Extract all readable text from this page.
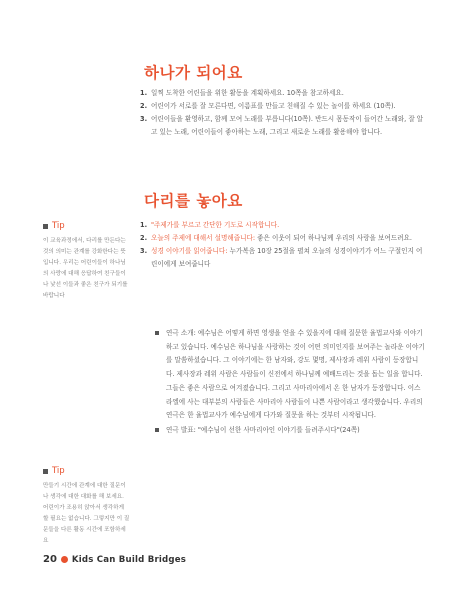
하나가 되어요
1. 일찍 도착한 어린들을 위한 활동을 계획하세요. 10쪽을 참고하세요.
2. 어린이가 서로를 잘 모른다면, 이름표를 만들고 친해질 수 있는 놀이를 하세요 (10쪽).
3. 어린이들을 환영하고, 함께 모여 노래를 부릅니다(10쪽). 반드시 몸동작이 들어간 노래와, 잘 알고 있는 노래, 어린이들이 좋아하는 노래, 그리고 새로운 노래를 활용해야 합니다.
다리를 놓아요
1. "주제가를 부르고 간단한 기도로 시작합니다.
2. 오늘의 주제에 대해서 설명해줍니다: 좋은 이웃이 되어 하나님께 우리의 사랑을 보여드려요.
3. 성경 이야기를 읽어줍니다: 누가복음 10장 25절을 펼쳐 오늘의 성경이야기가 어느 구절인지 어린이에게 보여줍니다
연극 소개: 예수님은 어떻게 하면 영생을 얻을 수 있을지에 대해 질문한 율법교사와 이야기 하고 있습니다. 예수님은 하나님을 사랑하는 것이 어떤 의미인지를 보여주는 놀라운 이야기를 말씀하셨습니다. 그 이야기에는 한 남자와, 강도 몇명, 제사장과 레위 사람이 등장합니다. 제사장과 레위 사람은 사람들이 신전에서 하나님께 예배드리는 것을 돕는 일을 합니다. 그들은 좋은 사람으로 여겨졌습니다. 그리고 사마리아에서 온 한 남자가 등장합니다. 이스라엘에 사는 대부분의 사람들은 사마리아 사람들이 나쁜 사람이라고 생각했습니다. 우리의 연극은 한 율법교사가 예수님에게 다가와 질문을 하는 것부터 시작됩니다.
연극 발표: "예수님이 선한 사마리아인 이야기를 들려주시다"(24쪽)
Tip

이 교육과정에서, 다리를 만든다는 것의 의미는 관계를 강화한다는 뜻입니다. 우리는 어린이들이 하나님의 사랑에 대해 응답하여 친구들이나 낯선 이들과 좋은 친구가 되기를 바랍니다

Tip

만들기 시간에 관계에 대한 질문이나 생각에 대한 대화를 해 보세요. 어린이가 조용히 앉아서 생각하게 할 필요는 없습니다. 그렇지만 이 질문들을 다른 활동 시간에 포함하세요

20 Kids Can Build Bridges
